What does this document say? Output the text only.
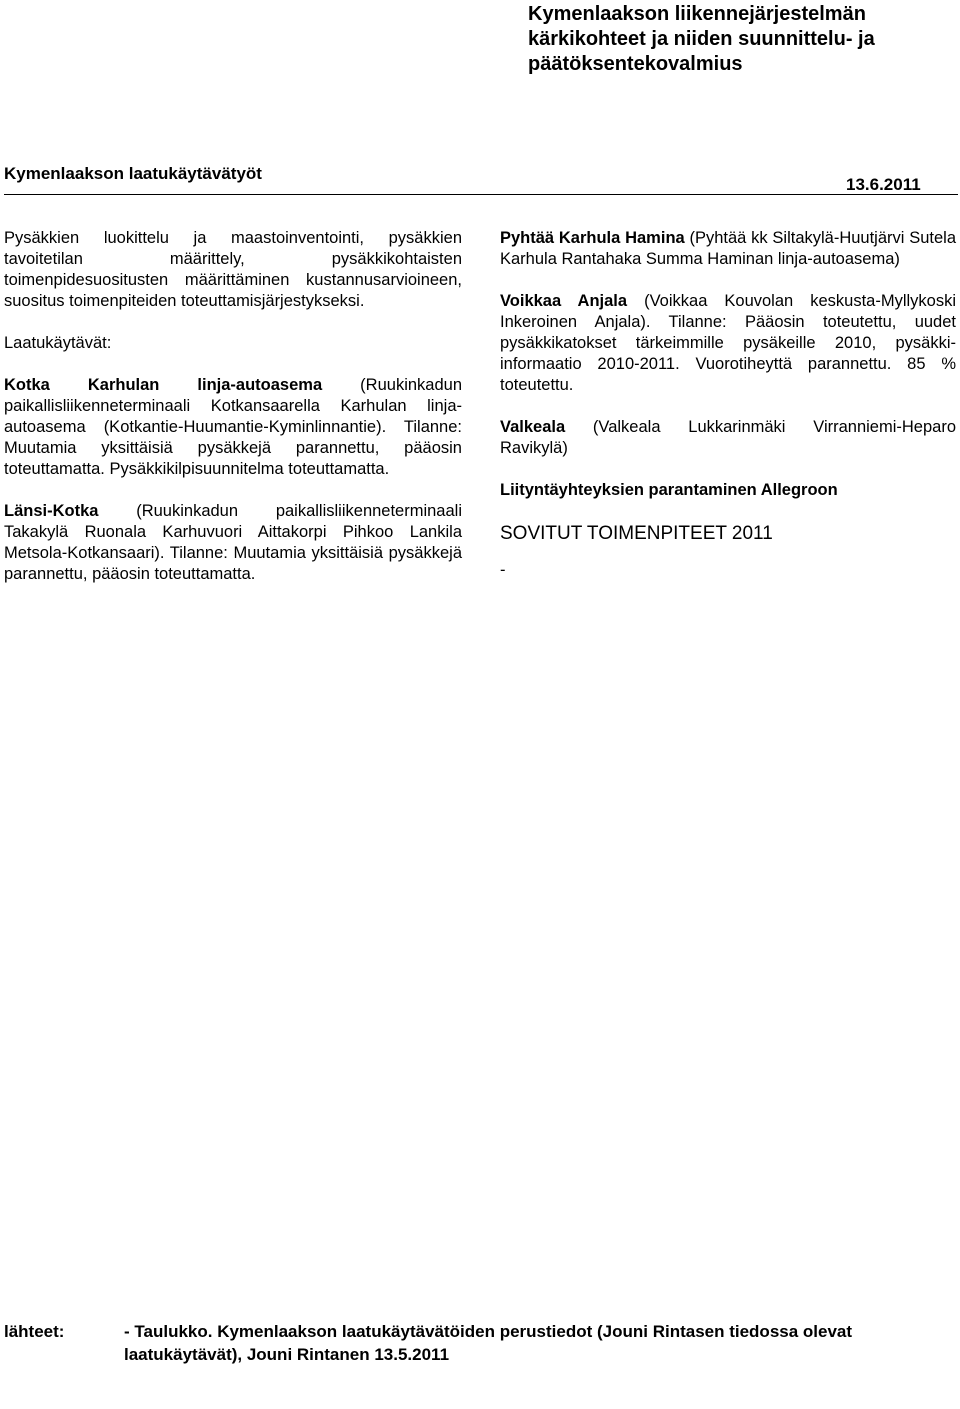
Kymenlaakson liikennejärjestelmän
kärkikohteet ja niiden suunnittelu- ja
päätöksentekovalmius
Kymenlaakson laatukäytävätyöt
13.6.2011

Pysäkkien luokittelu ja maastoinventointi, pysäkkien tavoitetilan määrittely, pysäkkikohtaisten toimenpidesuositusten määrittäminen kustannusarvioineen, suositus toimenpiteiden toteuttamisjärjestykseksi.

Laatukäytävät:

Kotka Karhulan linja-autoasema (Ruukinkadun paikallisliikenneterminaali Kotkansaarella Karhulan linja-autoasema (Kotkantie-Huumantie-Kyminlinnantie). Tilanne: Muutamia yksittäisiä pysäkkejä parannettu, pääosin toteuttamatta. Pysäkkikilpisuunnitelma toteuttamatta.

Länsi-Kotka (Ruukinkadun paikallisliikenneterminaali Takakylä Ruonala Karhuvuori Aittakorpi Pihkoo Lankila Metsola-Kotkansaari). Tilanne: Muutamia yksittäisiä pysäkkejä parannettu, pääosin toteuttamatta.

Pyhtää Karhula Hamina (Pyhtää kk Siltakylä-Huutjärvi Sutela Karhula Rantahaka Summa Haminan linja-autoasema)

Voikkaa Anjala (Voikkaa Kouvolan keskusta-Myllykoski Inkeroinen Anjala). Tilanne: Pääosin toteutettu, uudet pysäkkikatokset tärkeimmille pysäkeille 2010, pysäkki-informaatio 2010-2011. Vuorotiheyttä parannettu. 85 % toteutettu.

Valkeala (Valkeala Lukkarinmäki Virranniemi-Heparo Ravikylä)

Liityntäyhteyksien parantaminen Allegroon

SOVITUT TOIMENPITEET 2011

-

lähteet:	- Taulukko. Kymenlaakson laatukäytävätöiden perustiedot (Jouni Rintasen tiedossa olevat laatukäytävät), Jouni Rintanen 13.5.2011
